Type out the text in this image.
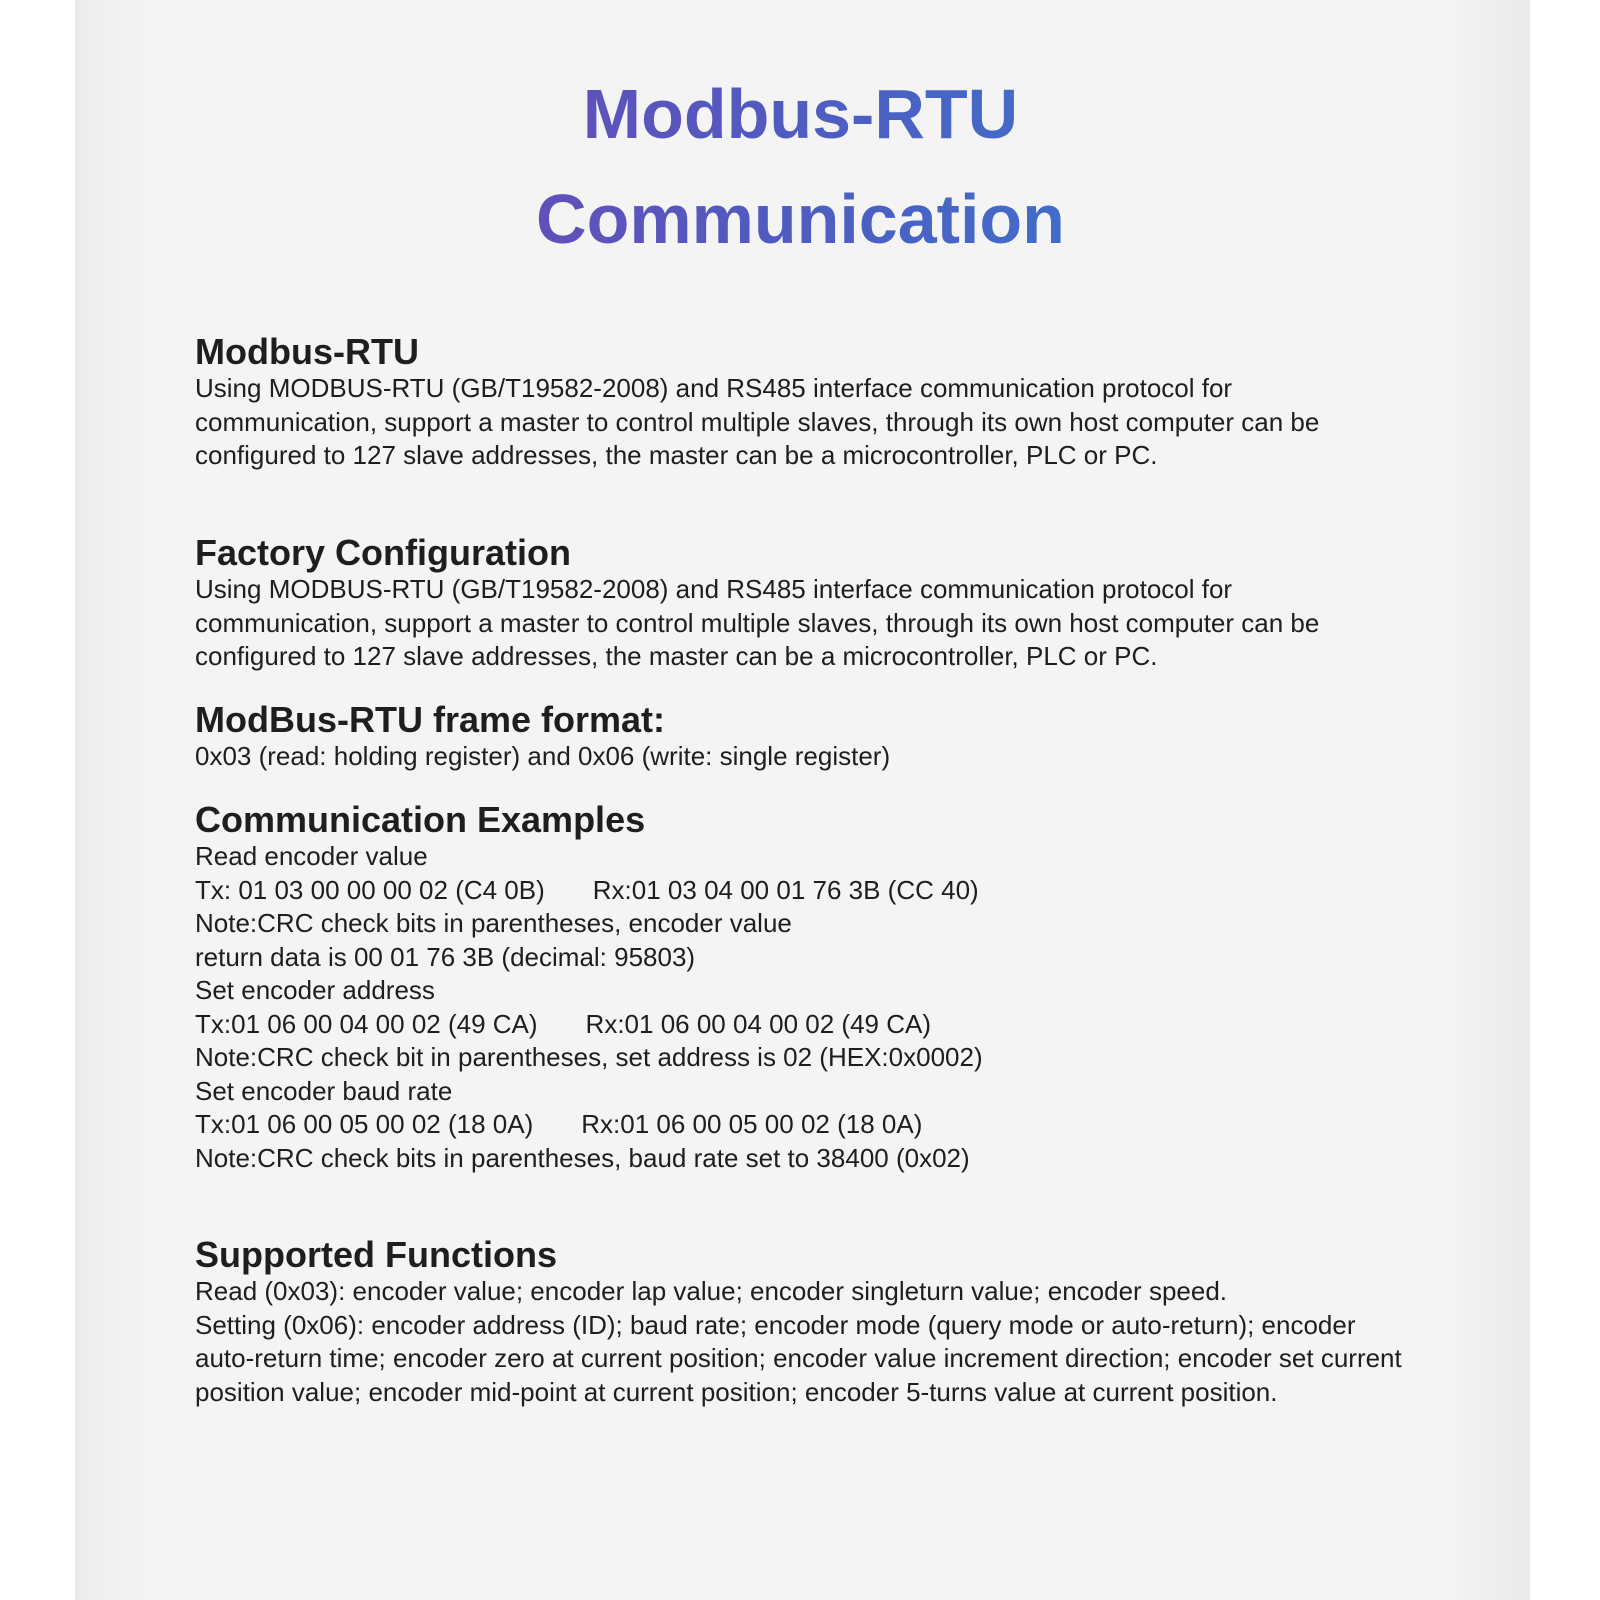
Modbus-RTU
Communication
Modbus-RTU

Using MODBUS-RTU (GB/T19582-2008) and RS485 interface communication protocol for communication, support a master to control multiple slaves, through its own host computer can be configured to 127 slave addresses, the master can be a microcontroller, PLC or PC.

Factory Configuration

Using MODBUS-RTU (GB/T19582-2008) and RS485 interface communication protocol for communication, support a master to control multiple slaves, through its own host computer can be configured to 127 slave addresses, the master can be a microcontroller, PLC or PC.

ModBus-RTU frame format:

0x03 (read: holding register) and 0x06 (write: single register)

Communication Examples
Read encoder value
Tx: 01 03 00 00 00 02 (C4 0B) Rx:01 03 04 00 01 76 3B (CC 40)
Note:CRC check bits in parentheses, encoder value
return data is 00 01 76 3B (decimal: 95803)
Set encoder address
Tx:01 06 00 04 00 02 (49 CA) Rx:01 06 00 04 00 02 (49 CA)
Note:CRC check bit in parentheses, set address is 02 (HEX:0x0002)
Set encoder baud rate
Tx:01 06 00 05 00 02 (18 0A) Rx:01 06 00 05 00 02 (18 0A)
Note:CRC check bits in parentheses, baud rate set to 38400 (0x02)
Supported Functions

Read (0x03): encoder value; encoder lap value; encoder singleturn value; encoder speed.

Setting (0x06): encoder address (ID); baud rate; encoder mode (query mode or auto-return); encoder auto-return time; encoder zero at current position; encoder value increment direction; encoder set current position value; encoder mid-point at current position; encoder 5-turns value at current position.
